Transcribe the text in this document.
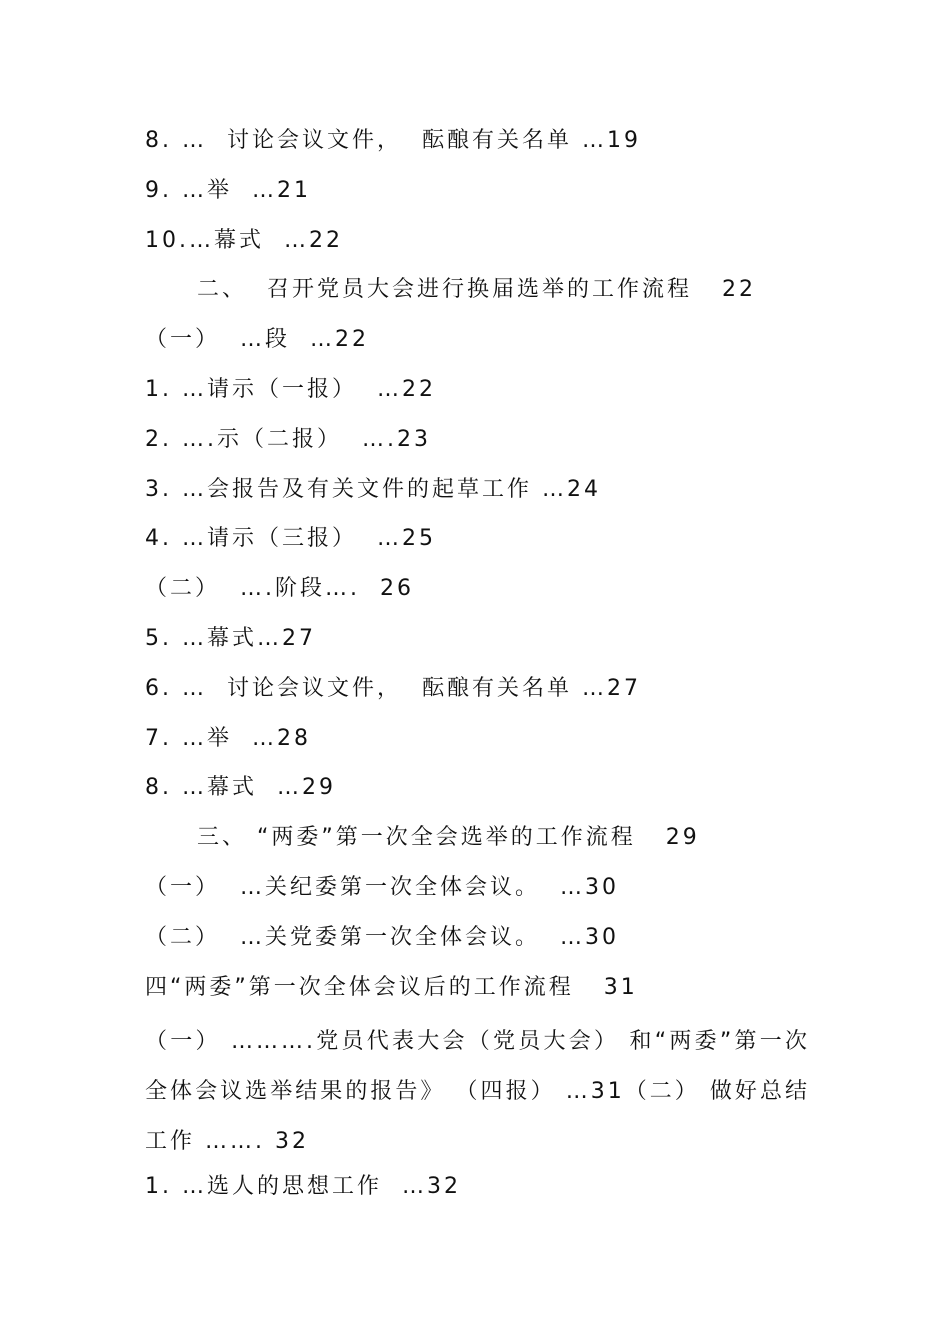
8. …  讨论会议文件，  酝酿有关名单 …19
9. …举  …21
10.…幕式  …22
二、  召开党员大会进行换届选举的工作流程   22
（一）  …段  …22
1. …请示（一报）  …22
2. ….示（二报）  ….23
3. …会报告及有关文件的起草工作 …24
4. …请示（三报）  …25
（二）  ….阶段….  26
5. …幕式…27
6. …  讨论会议文件，  酝酿有关名单 …27
7. …举  …28
8. …幕式  …29
三、 “两委”第一次全会选举的工作流程   29
（一）  …关纪委第一次全体会议。  …30
（二）  …关党委第一次全体会议。  …30
四“两委”第一次全体会议后的工作流程   31
（一） ……….党员代表大会（党员大会） 和“两委”第一次全体会议选举结果的报告》 （四报） …31（二） 做好总结工作 ……. 32
1. …选人的思想工作  …32
